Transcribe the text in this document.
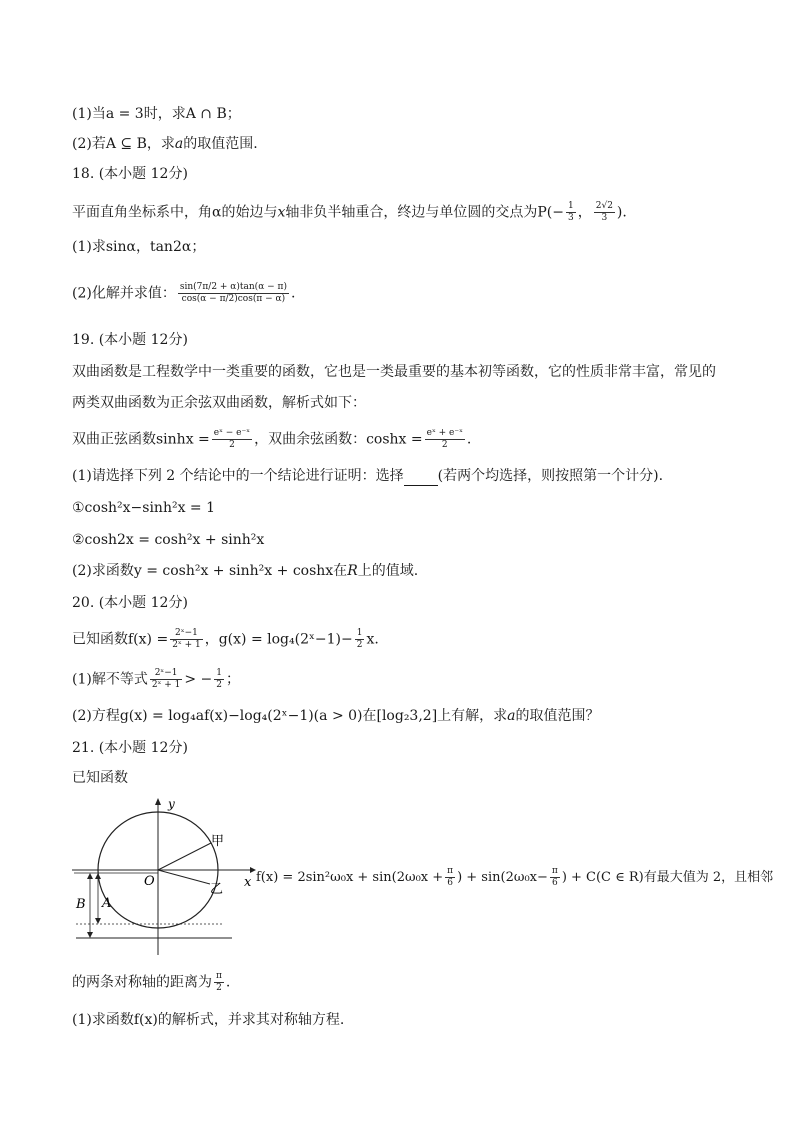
(1)当a = 3时，求A ∩ B；
(2)若A ⊆ B，求a的取值范围.
18. (本小题 12分)
平面直角坐标系中，角α的始边与x轴非负半轴重合，终边与单位圆的交点为$P(- \frac{1}{3}$ ， $\frac{2√2}{3}$ ).
(1)求sinα，tan2α；
(2)化解并求值： $\frac{\sin(7\pi/2 + \alpha)\tan(\alpha - \pi)}{\cos(\alpha - \pi/2)\cos(\pi - \alpha)}$ .
19. (本小题 12分)
双曲函数是工程数学中一类重要的函数，它也是一类最重要的基本初等函数，它的性质非常丰富，常见的
两类双曲函数为正余弦双曲函数，解析式如下：
双曲正弦函数$\sinh x = \frac{\text{eˣ − e⁻ˣ}}{2}$ ，双曲余弦函数：$\cosh x = \frac{\text{eˣ + e⁻ˣ}}{2}$ .
(1)请选择下列 2 个结论中的一个结论进行证明：选择 (若两个均选择，则按照第一个计分).
①cosh²x−sinh²x = 1
②cosh2x = cosh²x + sinh²x
(2)求函数y = cosh²x + sinh²x + coshx在R上的值域.
20. (本小题 12分)
已知函数$f(x) = \frac{\text{2ˣ−1}}{\text{2ˣ + 1}}$ ，g(x) = log₄(2ˣ−1)− $\frac{1}{2} x$.
(1)解不等式 $\frac{\text{2ˣ−1}}{\text{2ˣ + 1}}$ > − $\frac{1}{2}$ ；
(2)方程g(x) = log₄af(x)−log₄(2ˣ−1)(a > 0)在[log₂3,2]上有解，求a的取值范围？
21. (本小题 12分)
已知函数
y
x
O
甲
乙
A
B
$f(x) = 2\sin^2\omega_0x + \sin(2\omega_0x + \frac{\pi}{6}$ ) + $\sin(2\omega_0x- \frac{\pi}{6}$ ) + C(C ∈ R)有最大值为 2，且相邻
的两条对称轴的距离为 $\frac{\pi}{2}$ .
(1)求函数f(x)的解析式，并求其对称轴方程.
